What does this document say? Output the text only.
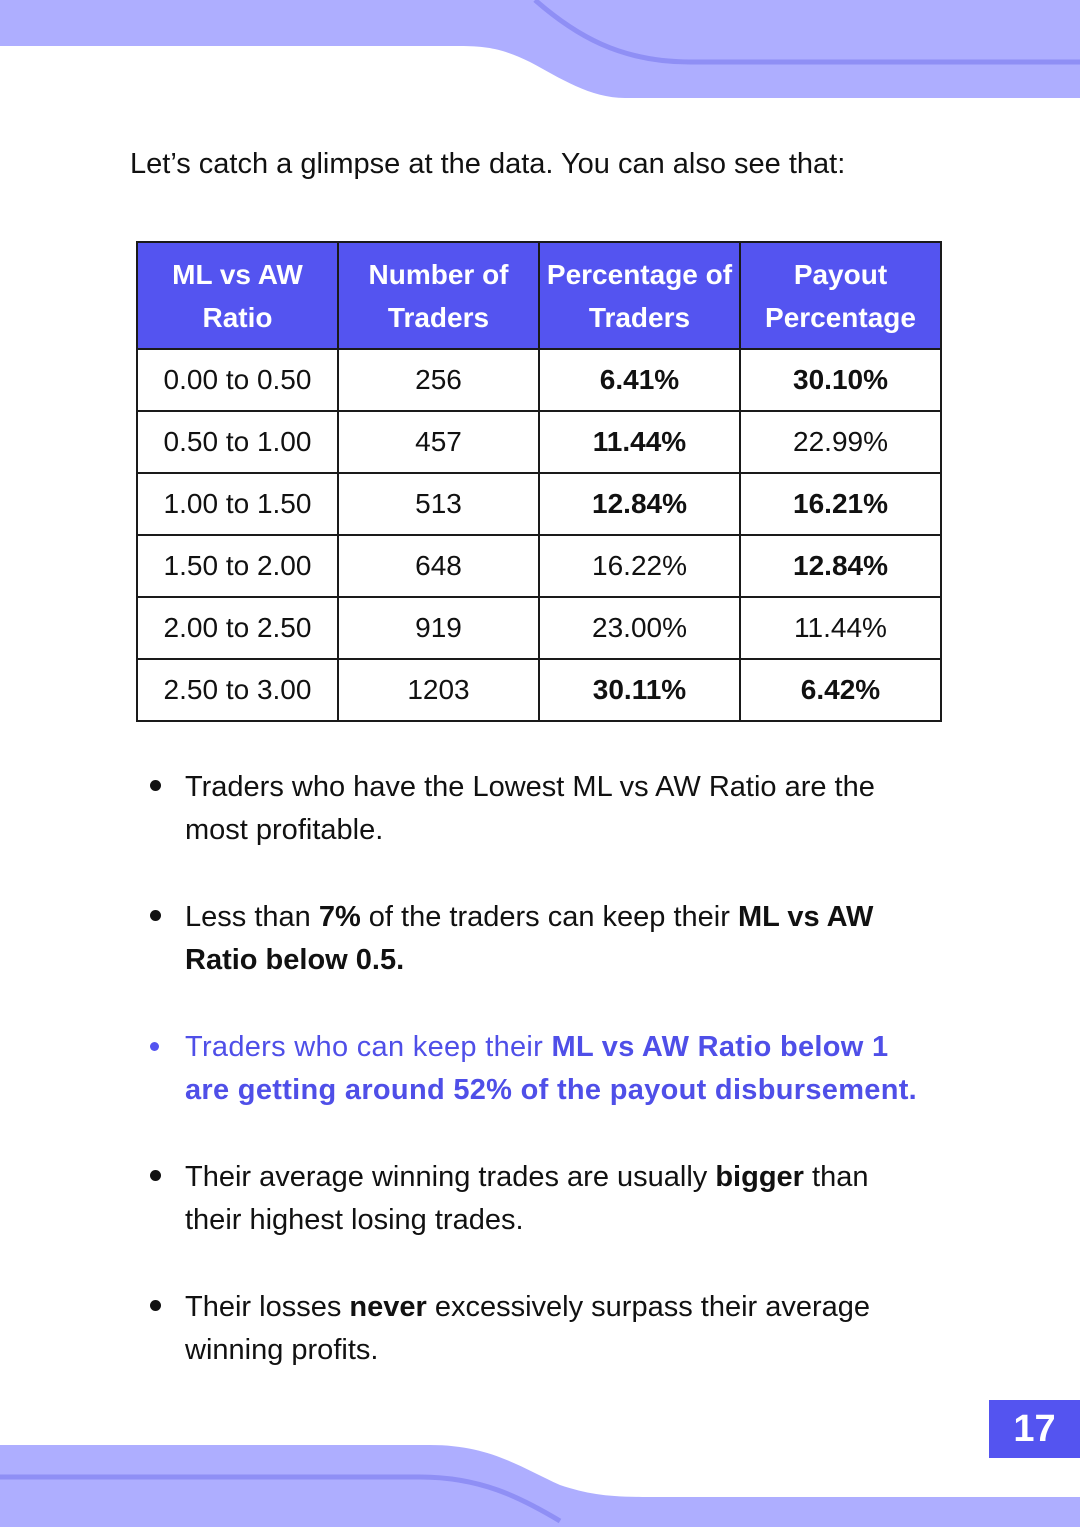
Let’s catch a glimpse at the data. You can also see that:

ML vs AW Ratio	Number of Traders	Percentage of Traders	Payout Percentage
0.00 to 0.50	256	6.41%	30.10%
0.50 to 1.00	457	11.44%	22.99%
1.00 to 1.50	513	12.84%	16.21%
1.50 to 2.00	648	16.22%	12.84%
2.00 to 2.50	919	23.00%	11.44%
2.50 to 3.00	1203	30.11%	6.42%
Traders who have the Lowest ML vs AW Ratio are the
most profitable.
Less than 7% of the traders can keep their ML vs AW
Ratio below 0.5.
Traders who can keep their ML vs AW Ratio below 1
are getting around 52% of the payout disbursement.
Their average winning trades are usually bigger than
their highest losing trades.
Their losses never excessively surpass their average
winning profits.
17
